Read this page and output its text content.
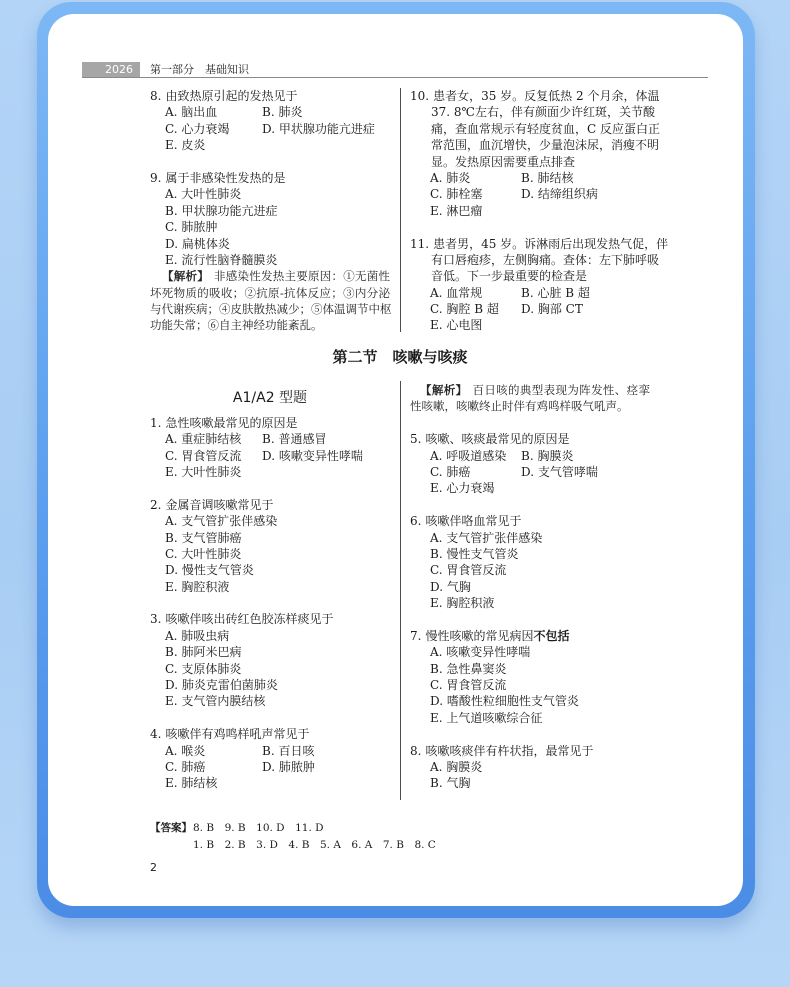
2026	第一部分　基础知识
8. 由致热原引起的发热见于
A. 脑出血	B. 肺炎
C. 心力衰竭	D. 甲状腺功能亢进症
E. 皮炎
9. 属于非感染性发热的是
A. 大叶性肺炎
B. 甲状腺功能亢进症
C. 肺脓肿
D. 扁桃体炎
E. 流行性脑脊髓膜炎
【解析】 非感染性发热主要原因：①无菌性
坏死物质的吸收；②抗原-抗体反应；③内分泌
与代谢疾病；④皮肤散热减少；⑤体温调节中枢
功能失常；⑥自主神经功能紊乱。
10. 患者女，35 岁。反复低热 2 个月余，体温
37. 8℃左右，伴有颜面少许红斑，关节酸
痛，查血常规示有轻度贫血，C 反应蛋白正
常范围，血沉增快，少量泡沫尿，消瘦不明
显。发热原因需要重点排查
A. 肺炎	B. 肺结核
C. 肺栓塞	D. 结缔组织病
E. 淋巴瘤
11. 患者男，45 岁。诉淋雨后出现发热气促，伴
有口唇疱疹，左侧胸痛。查体：左下肺呼吸
音低。下一步最重要的检查是
A. 血常规	B. 心脏 B 超
C. 胸腔 B 超 D. 胸部 CT
E. 心电图
第二节　咳嗽与咳痰
A1/A2 型题
1. 急性咳嗽最常见的原因是
A. 重症肺结核 B. 普通感冒
C. 胃食管反流 D. 咳嗽变异性哮喘
E. 大叶性肺炎
2. 金属音调咳嗽常见于
A. 支气管扩张伴感染
B. 支气管肺癌
C. 大叶性肺炎
D. 慢性支气管炎
E. 胸腔积液
3. 咳嗽伴咳出砖红色胶冻样痰见于
A. 肺吸虫病
B. 肺阿米巴病
C. 支原体肺炎
D. 肺炎克雷伯菌肺炎
E. 支气管内膜结核
4. 咳嗽伴有鸡鸣样吼声常见于
A. 喉炎	B. 百日咳
C. 肺癌	D. 肺脓肿
E. 肺结核
【解析】 百日咳的典型表现为阵发性、痉挛
性咳嗽，咳嗽终止时伴有鸡鸣样吸气吼声。
5. 咳嗽、咳痰最常见的原因是
A. 呼吸道感染 B. 胸膜炎
C. 肺癌	D. 支气管哮喘
E. 心力衰竭
6. 咳嗽伴咯血常见于
A. 支气管扩张伴感染
B. 慢性支气管炎
C. 胃食管反流
D. 气胸
E. 胸腔积液
7. 慢性咳嗽的常见病因不包括
A. 咳嗽变异性哮喘
B. 急性鼻窦炎
C. 胃食管反流
D. 嗜酸性粒细胞性支气管炎
E. 上气道咳嗽综合征
8. 咳嗽咳痰伴有杵状指，最常见于
A. 胸膜炎
B. 气胸
【答案】 8. B　9. B　10. D　11. D
1. B　2. B　3. D　4. B　5. A　6. A　7. B　8. C
2
